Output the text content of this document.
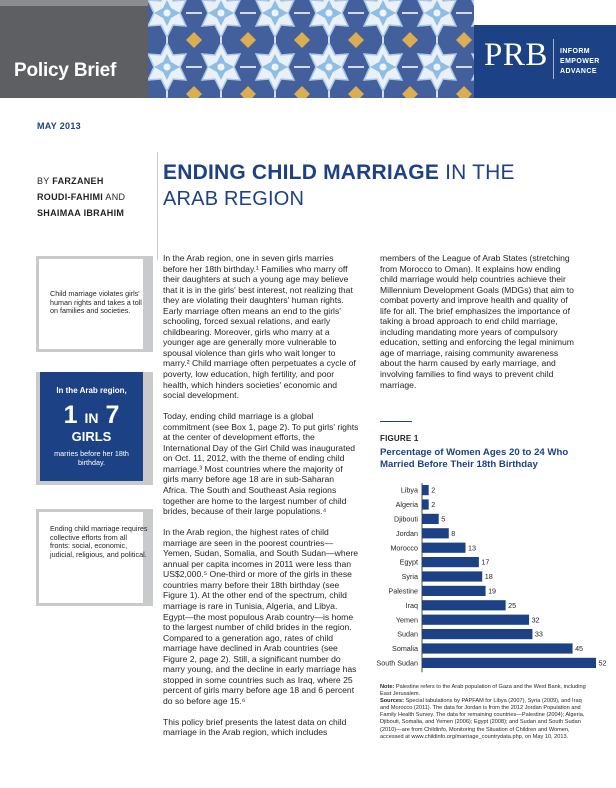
Policy Brief	PRB INFORM
EMPOWER
ADVANCE
MAY 2013
BY FARZANEH
ROUDI-FAHIMI AND
SHAIMAA IBRAHIM
ENDING CHILD MARRIAGE IN THE
ARAB REGION
Child marriage violates girls' human rights and takes a toll on families and societies.
In the Arab region,
1 IN 7
GIRLS
marries before her 18th birthday.
Ending child marriage requires collective efforts from all fronts: social, economic, judicial, religious, and political.

In the Arab region, one in seven girls marries before her 18th birthday.¹ Families who marry off their daughters at such a young age may believe that it is in the girls' best interest, not realizing that they are violating their daughters' human rights. Early marriage often means an end to the girls' schooling, forced sexual relations, and early childbearing. Moreover, girls who marry at a younger age are generally more vulnerable to spousal violence than girls who wait longer to marry.² Child marriage often perpetuates a cycle of poverty, low education, high fertility, and poor health, which hinders societies' economic and social development.

Today, ending child marriage is a global commitment (see Box 1, page 2). To put girls' rights at the center of development efforts, the International Day of the Girl Child was inaugurated on Oct. 11, 2012, with the theme of ending child marriage.³ Most countries where the majority of girls marry before age 18 are in sub-Saharan Africa. The South and Southeast Asia regions together are home to the largest number of child brides, because of their large populations.⁴

In the Arab region, the highest rates of child marriage are seen in the poorest countries—Yemen, Sudan, Somalia, and South Sudan—where annual per capita incomes in 2011 were less than US$2,000.⁵ One-third or more of the girls in these countries marry before their 18th birthday (see Figure 1). At the other end of the spectrum, child marriage is rare in Tunisia, Algeria, and Libya. Egypt—the most populous Arab country—is home to the largest number of child brides in the region. Compared to a generation ago, rates of child marriage have declined in Arab countries (see Figure 2, page 2). Still, a significant number do marry young, and the decline in early marriage has stopped in some countries such as Iraq, where 25 percent of girls marry before age 18 and 6 percent do so before age 15.⁶

This policy brief presents the latest data on child marriage in the Arab region, which includes

members of the League of Arab States (stretching from Morocco to Oman). It explains how ending child marriage would help countries achieve their Millennium Development Goals (MDGs) that aim to combat poverty and improve health and quality of life for all. The brief emphasizes the importance of taking a broad approach to end child marriage, including mandating more years of compulsory education, setting and enforcing the legal minimum age of marriage, raising community awareness about the harm caused by early marriage, and involving families to find ways to prevent child marriage.

FIGURE 1
Percentage of Women Ages 20 to 24 Who Married Before Their 18th Birthday
Libya 2
Algeria 2
Djibouti	5
Jordan	8
Morocco	13
Egypt	17
Syria	18
Palestine	19
Iraq	25
Yemen	32
Sudan	33
Somalia	45
South Sudan	52
Note: Palestine refers to the Arab population of Gaza and the West Bank, including East Jerusalem.
Sources: Special tabulations by PAPFAM for Libya (2007), Syria (2009), and Iraq and Morocco (2011). The data for Jordan is from the 2012 Jordan Population and Family Health Survey. The data for remaining countries—Palestine (2004); Algeria, Djibouti, Somalia, and Yemen (2006); Egypt (2008); and Sudan and South Sudan (2010)—are from Childinfo, Monitoring the Situation of Children and Women, accessed at www.childinfo.org/marriage_countrydata.php, on May 10, 2013.
